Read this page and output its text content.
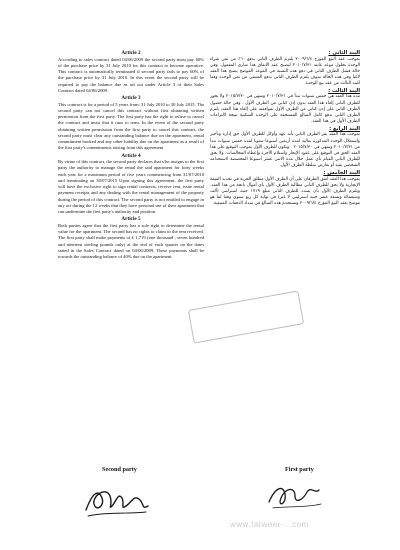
Article 2

According to sales contract dated 04/06/2009 the second party must pay 60% of the purchase price by 31 July 2010 for this contract to become operative. This contract is automatically terminated if second party fails to pay 60% of the purchase price by 31 July 2010. In this event the second party will be required to pay the balance due as set out under Article 3 of their Sales Contract dated 04/06/2009.

Article 3

This contract is for a period of 5 years from: 31 July 2010 to 30 July 2015. The second party can not cancel this contract without first obtaining written permission from the first party. The first party has the right to refuse to cancel the contract and insist that it runs to term. In the event of the second party obtaining written permission from the first party to cancel this contract, the second party must clear any outstanding balance due on the apartment, rental commitment booked and any other liability due on the apartment as a result of the first party's commitments arising from this agreement

Article 4

By virtue of this contract, the second party declares that s/he assigns to the first party the authority to manage the rental the said apartment for forty weeks each year for a maximum period of five years commencing from 31/07/2010 and terminating on 30/07/2015 Upon signing this agreement, the first party will have the exclusive right to sign rental contracts, receive rent, issue rental payment receipts and any dealing with the rental management of the property during the period of this contract. The second party is not entitled to engage in any act during the 12 weeks that they have personal use of their apartment that can undermine the first party's authority and position.

Article 5

Both parties agree that the first party has a sole right to determine the rental value for the apartment. The second has no rights to claim to the rent received. The first party shall make payments of £ 1,719 (one thousand , seven hundred and nineteen sterling pounds only) at the end of each quarter on the dates stated in the Sales Contract dated on 04/06/2009. These payments shall be towards the outstanding balance of 40% due on the apartment.

البند الثاني :

بموجب عقد البيع المؤرخ ٢٠٠٩/٦/٤ يلتزم الطرف الثاني بدفع ٦٠٪ من ثمن شراء الوحدة بحلول موعد غايته ٢٠١٠/٧/٣١ ليصبح عقد الاتفاق هذا ساري المفعول. وفي حالة فشل الطرف الثاني في دفع هذه النسبة في الموعد الموضح يصبح هذا العقد لاغيا وفي هذه الحالة سوف يلتزم الطرف الثاني بدفع المتبقي من ثمن الوحدة وفقا للبند الثالث من عقد بيع الوحدة.

البند الثالث :

مدة هذا العقد هي خمس سنوات تبدأ في ٢٠١٠/٧/٣١ وتنتهي في ٢٠١٥/٧/٣٠ ولا يجوز للطرف الثاني إلغاء هذا العقد بدون إذن كتابي من الطرف الأول . وفي حالة حصول الطرف الثاني على إذن كتابي من الطرف الأول بموافقته على إلغاء هذا العقد، يلتزم الطرف الثاني بدفع كامل المبالغ المستحقة على الوحدة السكنية نتيجة لالتزامات الطرف الأول في هذا العقد.

البند الرابع :

بموجب هذا العقد يقر الطرف الثاني بأنه عهد وأوكل للطرف الأول حق إدارة وتأجير واستغلال الوحدة المذكورة بعاليه لمدة أربعين أسبوعا سنويا لمدة خمس سنوات تبدأ من ٢٠١٠/٧/٣١ وتنتهي في ٢٠١٥/٧/٣٠ . ويكون للطرف الأول بموجب التوقيع على هذا العقد الحق في التوقيع على عقود الإيجار واستلام الأجرة وإعطاء المخالصات. ولا يحق للطرف الثاني القيام بأي عمل خلال مدة الاثني عشر أسبوعا المخصصة لاستخدامه الشخصي يقيد أو يعارض سلطة الطرف الأول.

البند الخامس :

بموجب هذا العقد اتفق الطرفان على أن الطرف الأول مطلق الحرية في تحديد القيمة الإيجارية ولا يحق للطرف الثاني مطالبة الطرف الأول بأي أموال ناتجة من هذا العقد. ويلتزم الطرف الأول بأن يسدد للطرف الثاني مبلغ ١٧١٩ جنيه استرليني (ألف وسبعمائة وتسعة عشر جنيه استرليني لا غير) في نهاية كل ربع سنوي وفقا لما هو موضح بعقد البيع المؤرخ ٢٠٠٩/٦/٤ وتستخدم هذه المبالغ في سداد الدفعات المتبقية.

Second party	First party
www.tatweer-...com
